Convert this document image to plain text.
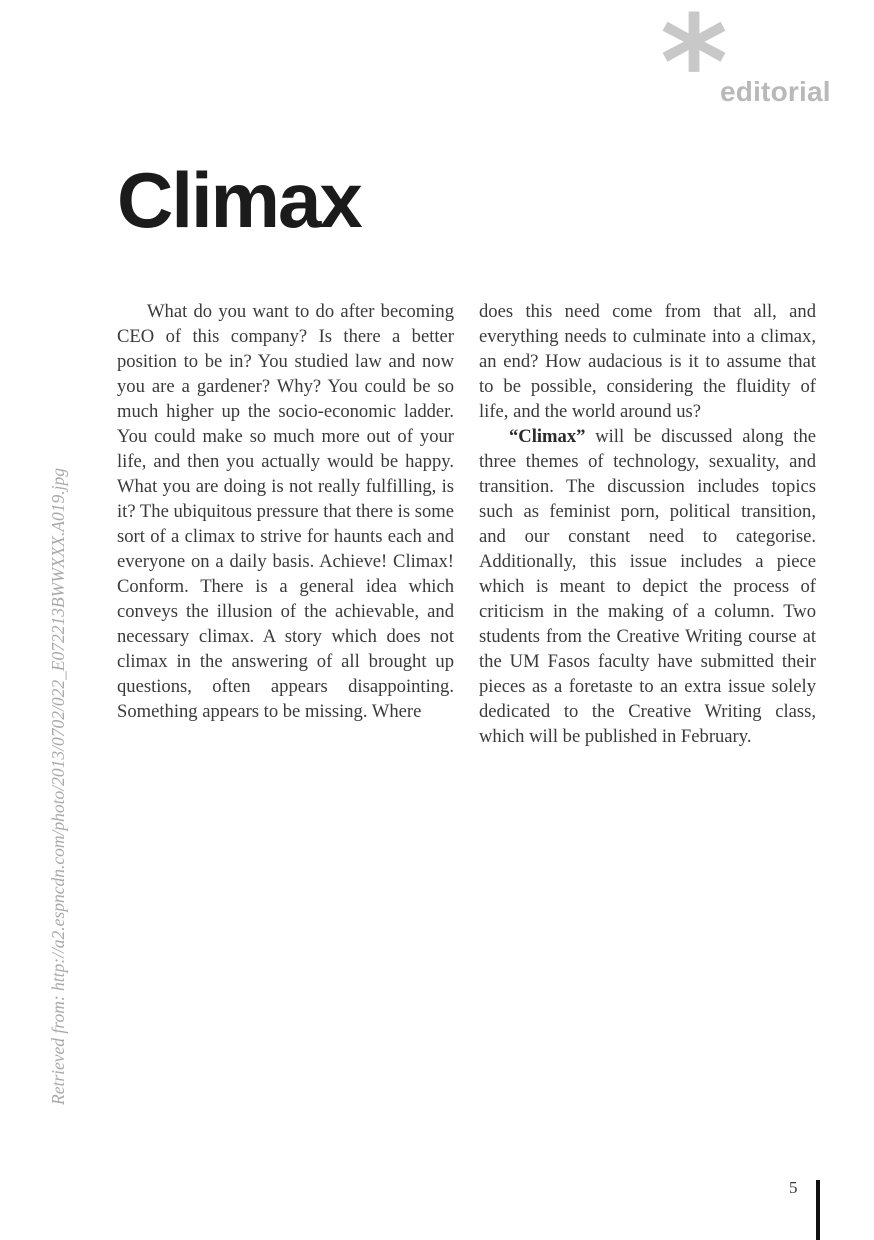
*
editorial
Climax
Retrieved from: http://a2.espncdn.com/photo/2013/0702/022_E072213BWWXXX.A019.jpg

What do you want to do after becoming CEO of this company? Is there a better position to be in? You studied law and now you are a gardener? Why? You could be so much higher up the socio-economic ladder. You could make so much more out of your life, and then you actually would be happy. What you are doing is not really fulfilling, is it? The ubiquitous pressure that there is some sort of a climax to strive for haunts each and everyone on a daily basis. Achieve! Climax! Conform. There is a general idea which conveys the illusion of the achievable, and necessary climax. A story which does not climax in the answering of all brought up questions, often appears disappointing. Something appears to be missing. Where

does this need come from that all, and everything needs to culminate into a climax, an end? How audacious is it to assume that to be possible, considering the fluidity of life, and the world around us?

“Climax” will be discussed along the three themes of technology, sexuality, and transition. The discussion includes topics such as feminist porn, political transition, and our constant need to categorise. Additionally, this issue includes a piece which is meant to depict the process of criticism in the making of a column. Two students from the Creative Writing course at the UM Fasos faculty have submitted their pieces as a foretaste to an extra issue solely dedicated to the Creative Writing class, which will be published in February.

5
